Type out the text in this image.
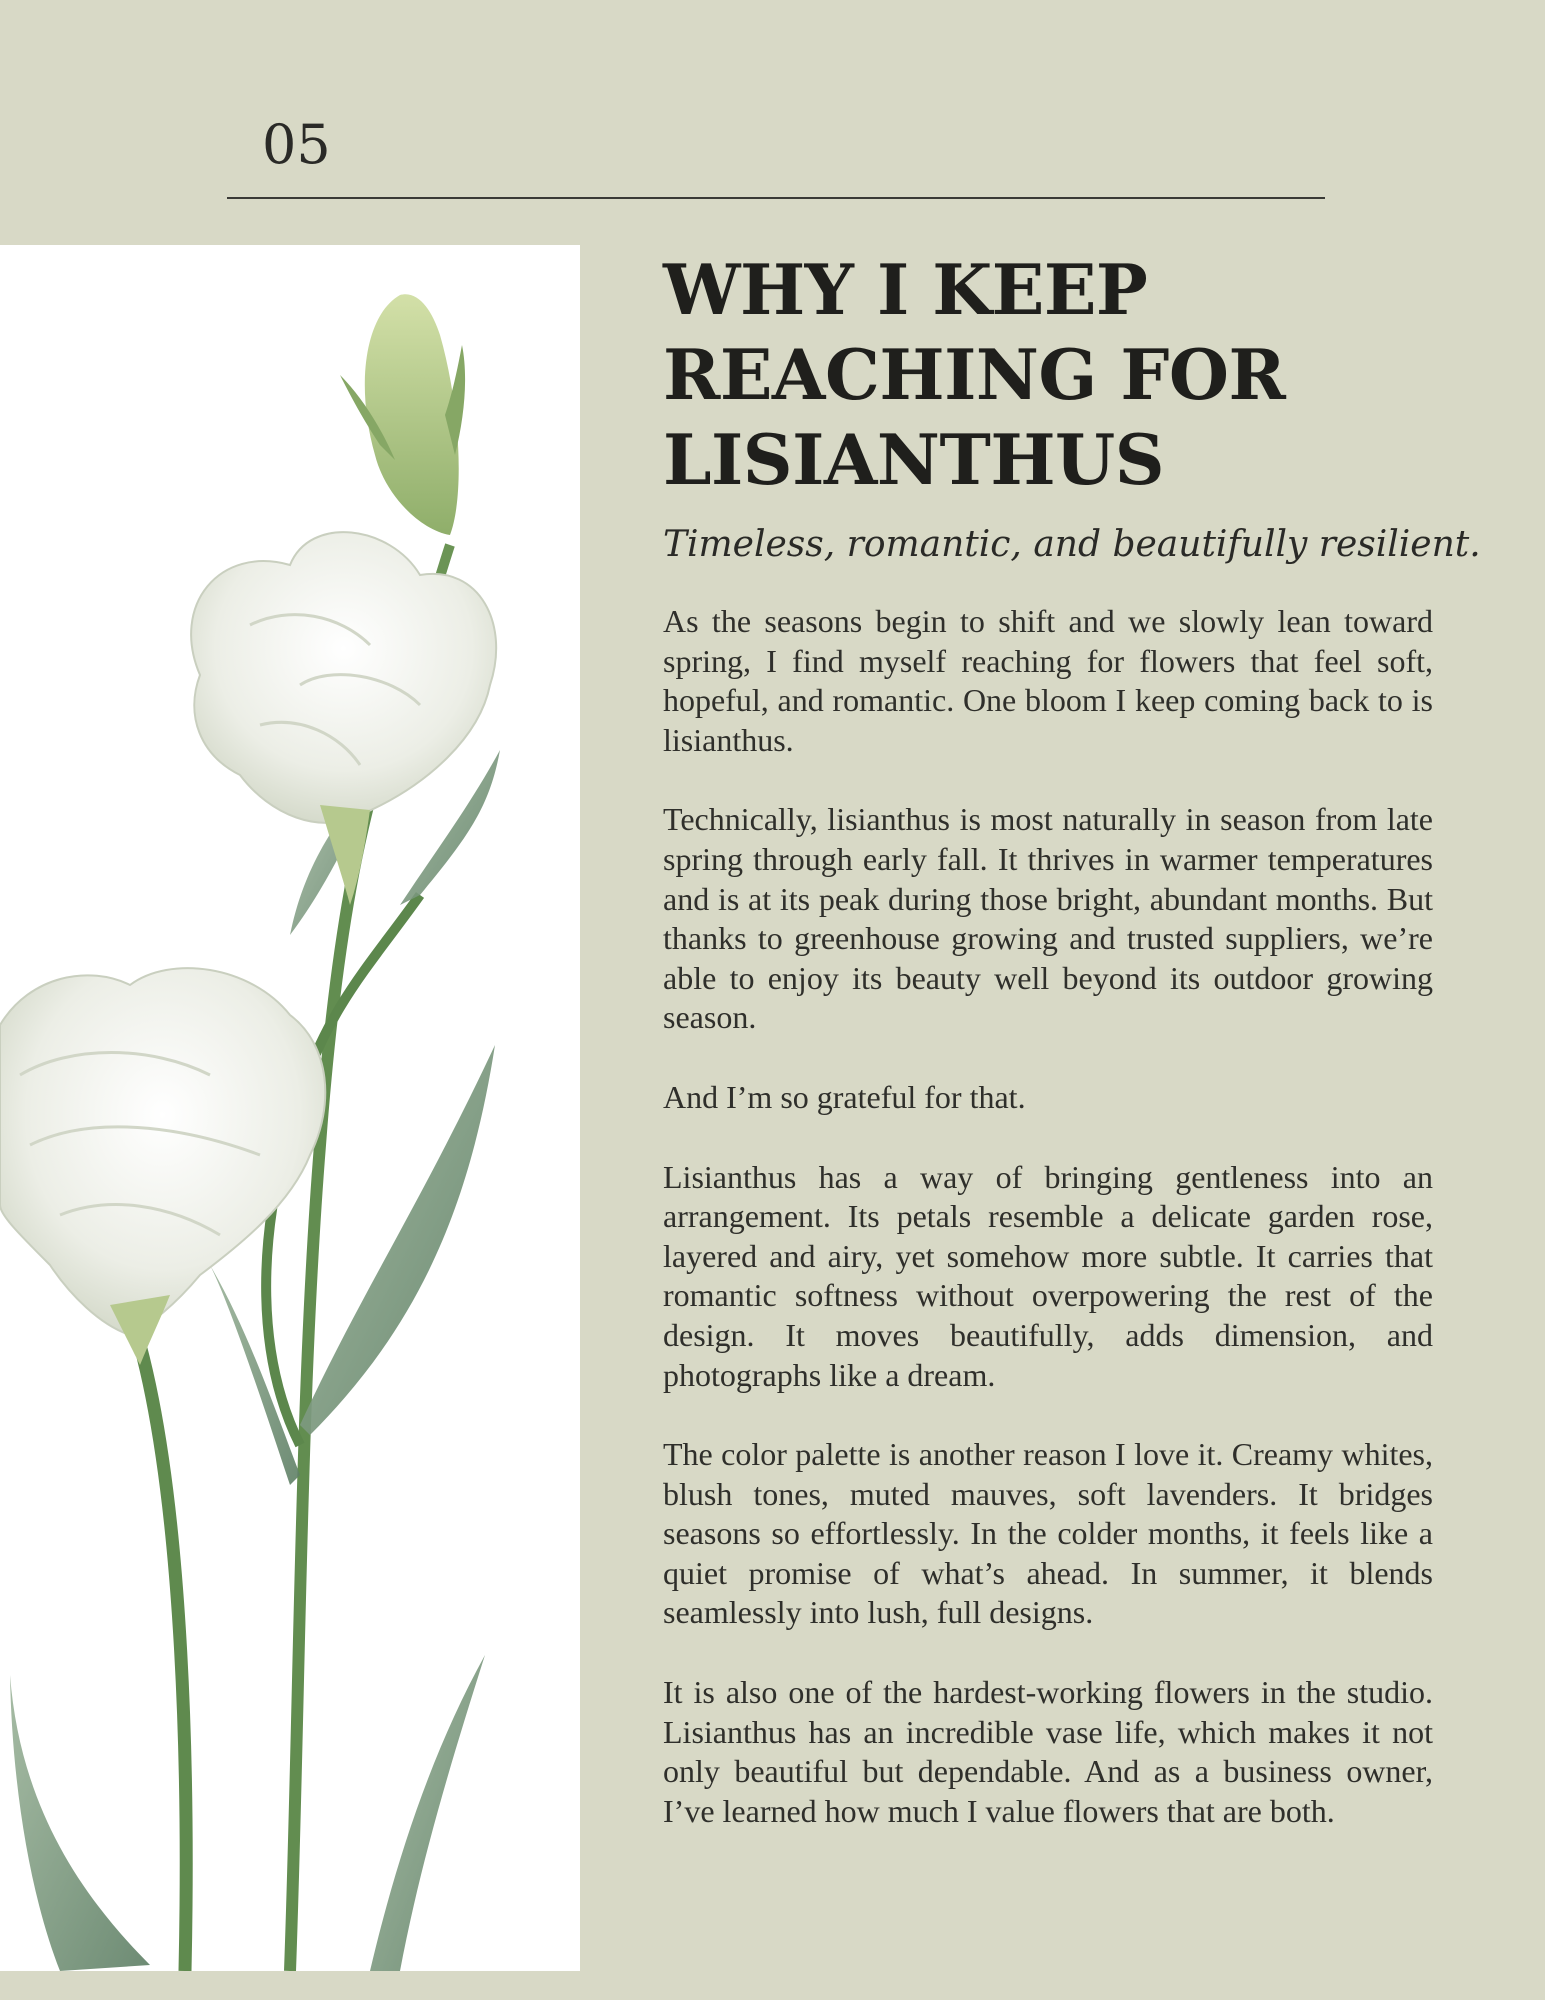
05
WHY I KEEP REACHING FOR LISIANTHUS

Timeless, romantic, and beautifully resilient.

As the seasons begin to shift and we slowly lean toward spring, I find myself reaching for flowers that feel soft, hopeful, and romantic. One bloom I keep coming back to is lisianthus.

Technically, lisianthus is most naturally in season from late spring through early fall. It thrives in warmer temperatures and is at its peak during those bright, abundant months. But thanks to greenhouse growing and trusted suppliers, we’re able to enjoy its beauty well beyond its outdoor growing season.

And I’m so grateful for that.

Lisianthus has a way of bringing gentleness into an arrangement. Its petals resemble a delicate garden rose, layered and airy, yet somehow more subtle. It carries that romantic softness without overpowering the rest of the design. It moves beautifully, adds dimension, and photographs like a dream.

The color palette is another reason I love it. Creamy whites, blush tones, muted mauves, soft lavenders. It bridges seasons so effortlessly. In the colder months, it feels like a quiet promise of what’s ahead. In summer, it blends seamlessly into lush, full designs.

It is also one of the hardest-working flowers in the studio. Lisianthus has an incredible vase life, which makes it not only beautiful but dependable. And as a business owner, I’ve learned how much I value flowers that are both.
